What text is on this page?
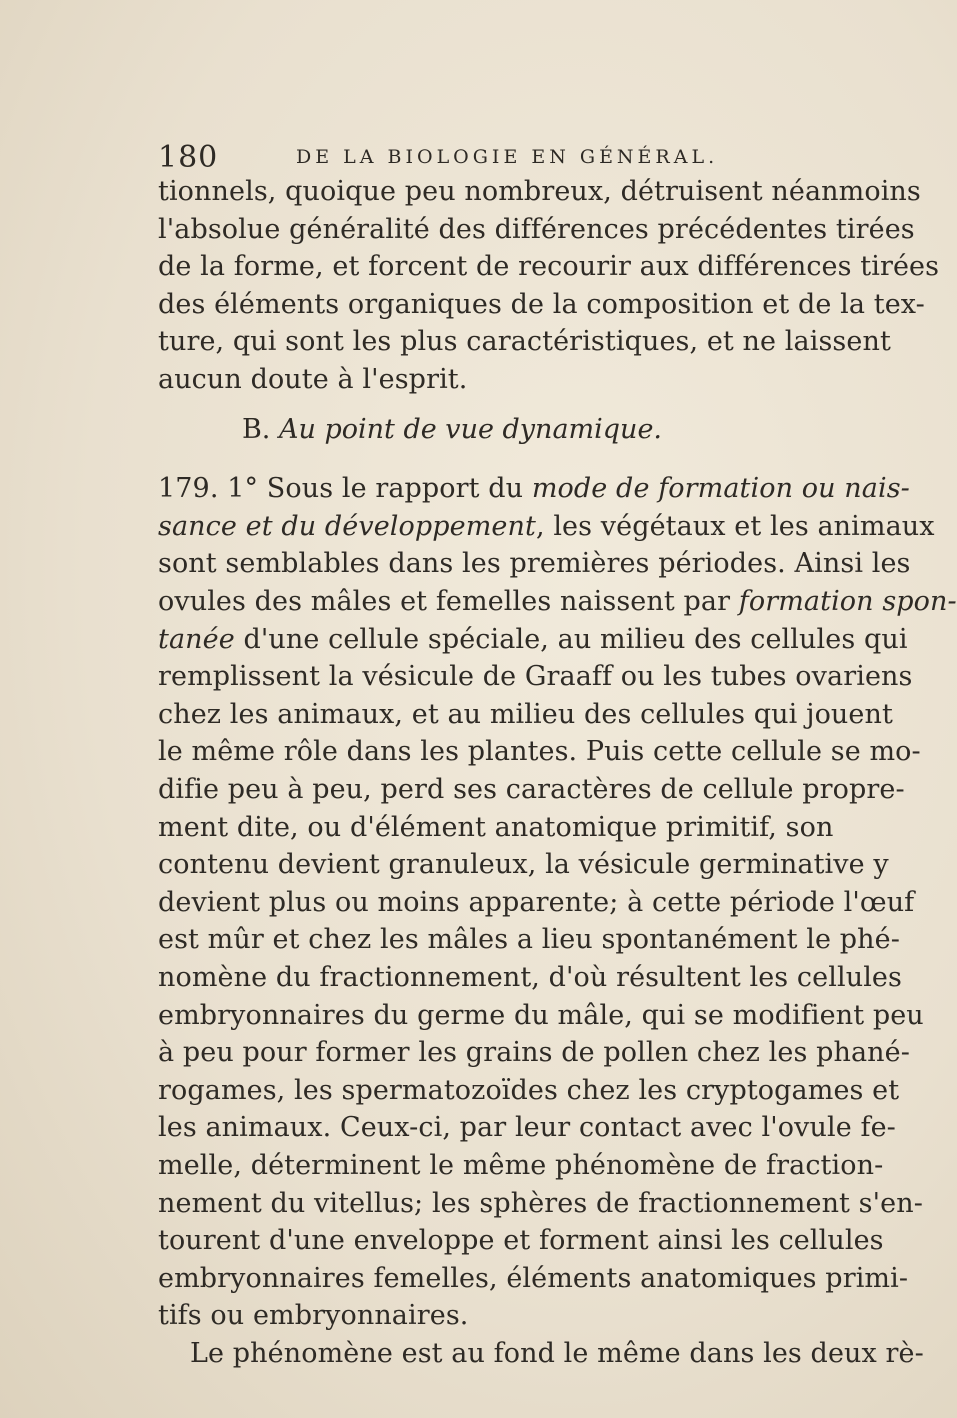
180	DE LA BIOLOGIE EN GÉNÉRAL.
tionnels, quoique peu nombreux, détruisent néanmoins
l'absolue généralité des différences précédentes tirées
de la forme, et forcent de recourir aux différences tirées
des éléments organiques de la composition et de la tex-
ture, qui sont les plus caractéristiques, et ne laissent
aucun doute à l'esprit.
B. Au point de vue dynamique.
179. 1° Sous le rapport du mode de formation ou nais-
sance et du développement, les végétaux et les animaux
sont semblables dans les premières périodes. Ainsi les
ovules des mâles et femelles naissent par formation spon-
tanée d'une cellule spéciale, au milieu des cellules qui
remplissent la vésicule de Graaff ou les tubes ovariens
chez les animaux, et au milieu des cellules qui jouent
le même rôle dans les plantes. Puis cette cellule se mo-
difie peu à peu, perd ses caractères de cellule propre-
ment dite, ou d'élément anatomique primitif, son
contenu devient granuleux, la vésicule germinative y
devient plus ou moins apparente; à cette période l'œuf
est mûr et chez les mâles a lieu spontanément le phé-
nomène du fractionnement, d'où résultent les cellules
embryonnaires du germe du mâle, qui se modifient peu
à peu pour former les grains de pollen chez les phané-
rogames, les spermatozoïdes chez les cryptogames et
les animaux. Ceux-ci, par leur contact avec l'ovule fe-
melle, déterminent le même phénomène de fraction-
nement du vitellus; les sphères de fractionnement s'en-
tourent d'une enveloppe et forment ainsi les cellules
embryonnaires femelles, éléments anatomiques primi-
tifs ou embryonnaires.
Le phénomène est au fond le même dans les deux rè-
